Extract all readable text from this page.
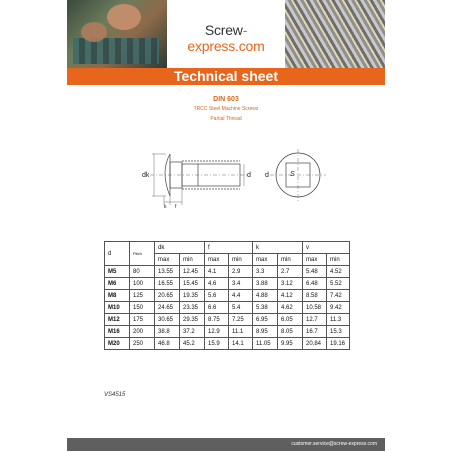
Screw-express.com
Technical sheet
DIN 603
TRCC Steel Machine Screws
Partial Thread
dk	d	S
d
k f
d	Pitch	dk		f		k		v	
		max	min	max	min	max	min	max	min
M5	80	13.55	12.45	4.1	2.9	3.3	2.7	5.48	4.52
M6	100	16.55	15.45	4.6	3.4	3.88	3.12	6.48	5.52
M8	125	20.65	19.35	5.6	4.4	4.88	4.12	8.58	7.42
M10	150	24.65	23.35	6.6	5.4	5.38	4.62	10.58	9.42
M12	175	30.65	29.35	8.75	7.25	6.95	6.05	12.7	11.3
M16	200	38.8	37.2	12.9	11.1	8.95	8.05	16.7	15.3
M20	250	46.8	45.2	15.9	14.1	11.05	9.95	20.84	19.16
VS4515
customer.service@screw-express.com
